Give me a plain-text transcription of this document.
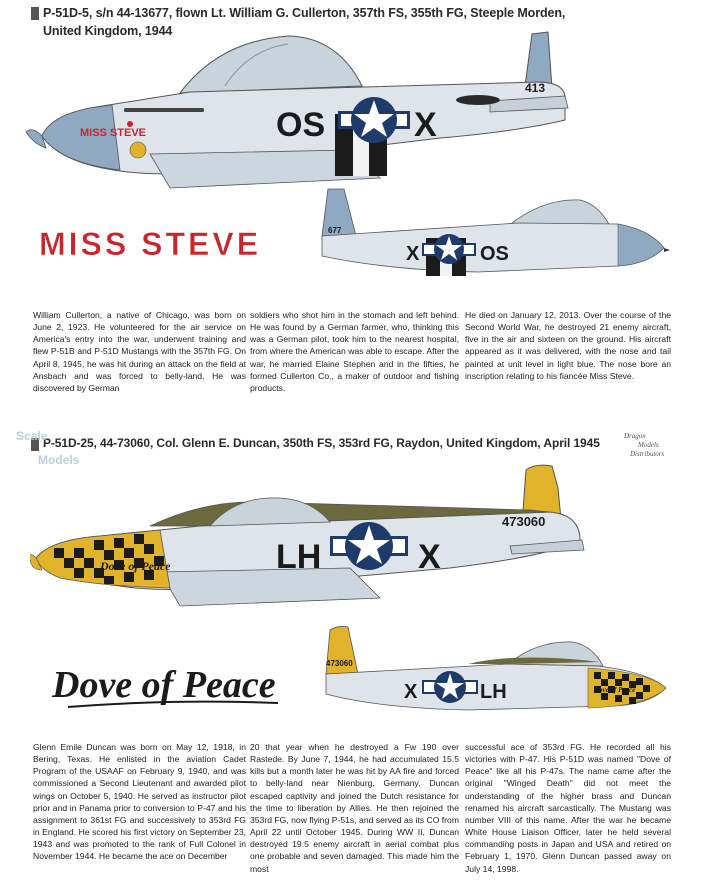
P-51D-5, s/n 44-13677, flown Lt. William G. Cullerton, 357th FS, 355th FG, Steeple Morden,
United Kingdom, 1944
OS	X
413
MISS STEVE
MISS STEVE	X	OS
677
William Cullerton, a native of Chicago, was born on June 2, 1923. He volunteered for the air service on America's entry into the war, underwent training and flew P-51B and P-51D Mustangs with the 357th FG. On April 8, 1945, he was hit during an attack on the field at Ansbach and was forced to belly-land. He was discovered by German
soldiers who shot him in the stomach and left behind. He was found by a German farmer, who, thinking this was a German pilot, took him to the nearest hospital, from where the American was able to escape. After the war, he married Elaine Stephen and in the fifties, he formed Cullerton Co., a maker of outdoor and fishing products.
He died on January 12, 2013. Over the course of the Second World War, he destroyed 21 enemy aircraft, five in the air and sixteen on the ground. His aircraft appeared as it was delivered, with the nose and tail painted at unit level in light blue. The nose bore an inscription relating to his fiancée Miss Steve.
P-51D-25, 44-73060, Col. Glenn E. Duncan, 350th FS, 353rd FG, Raydon, United Kingdom, April 1945
Scale
Models
Dragon
Models
Distributors
LH	X
473060
Dove of Peace
Dove of Peace	X	LH
473060
Dove of Peace
Glenn Emile Duncan was born on May 12, 1918, in Bering, Texas. He enlisted in the aviation Cadet Program of the USAAF on February 9, 1940, and was commissioned a Second Lieutenant and awarded pilot wings on October 5, 1940. He served as instructor pilot prior and in Panama prior to conversion to P-47 and his assignment to 361st FG and successively to 353rd FG in England. He scored his first victory on September 23, 1943 and was promoted to the rank of Full Colonel in November 1944. He became the ace on December
20 that year when he destroyed a Fw 190 over Rastede. By June 7, 1944, he had accumulated 15.5 kills but a month later he was hit by AA fire and forced to belly-land near Nienburg, Germany. Duncan escaped captivity and joined the Dutch resistance for the time to liberation by Allies. He then rejoined the 353rd FG, now flying P-51s, and served as its CO from April 22 until October 1945. During WW II, Duncan destroyed 19.5 enemy aircraft in aerial combat plus one probable and seven damaged. This made him the most
successful ace of 353rd FG. He recorded all his victories with P-47. His P-51D was named "Dove of Peace" like all his P-47s. The name came after the original "Winged Death" did not meet the understanding of the higher brass and Duncan renamed his aircraft sarcastically. The Mustang was number VIII of this name. After the war he became White House Liaison Officer, later he held several commanding posts in Japan and USA and retired on February 1, 1970. Glenn Duncan passed away on July 14, 1998.
